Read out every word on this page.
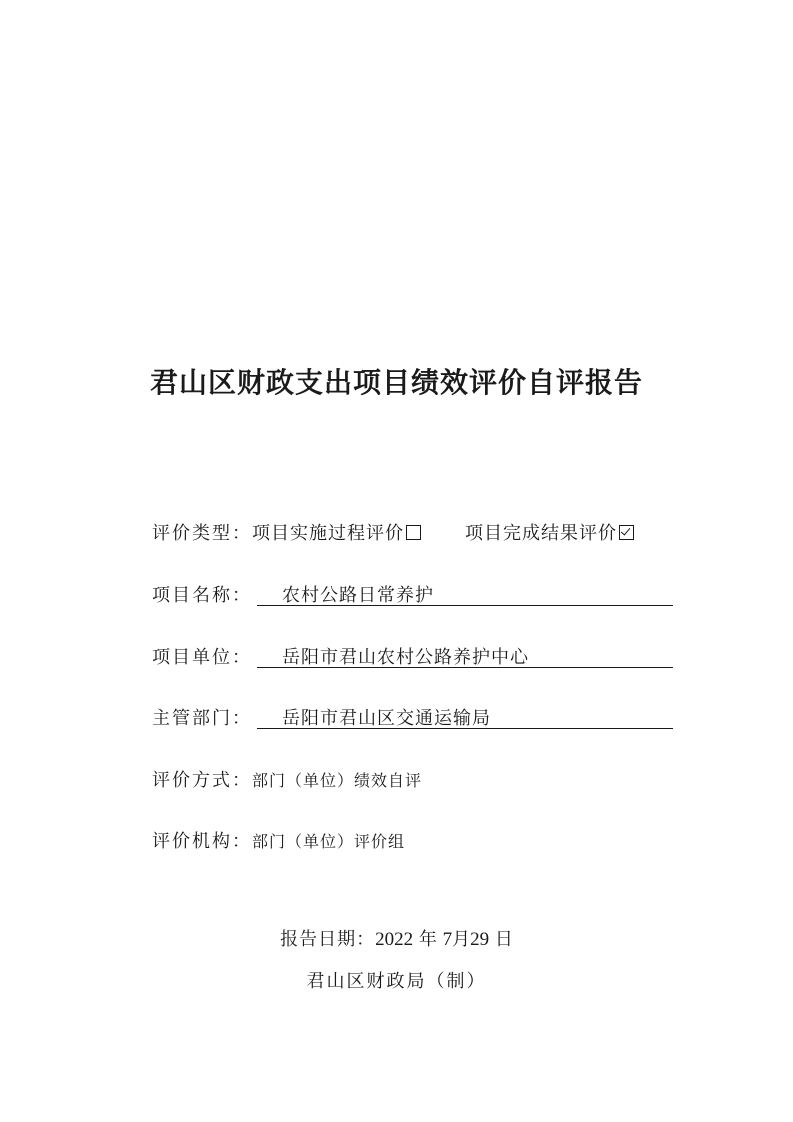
君山区财政支出项目绩效评价自评报告
评价类型：项目实施过程评价	项目完成结果评价
项目名称： 农村公路日常养护
项目单位： 岳阳市君山农村公路养护中心
主管部门： 岳阳市君山区交通运输局
评价方式：部门（单位）绩效自评
评价机构：部门（单位）评价组
报告日期：2022 年 7月29 日
君山区财政局（制）
